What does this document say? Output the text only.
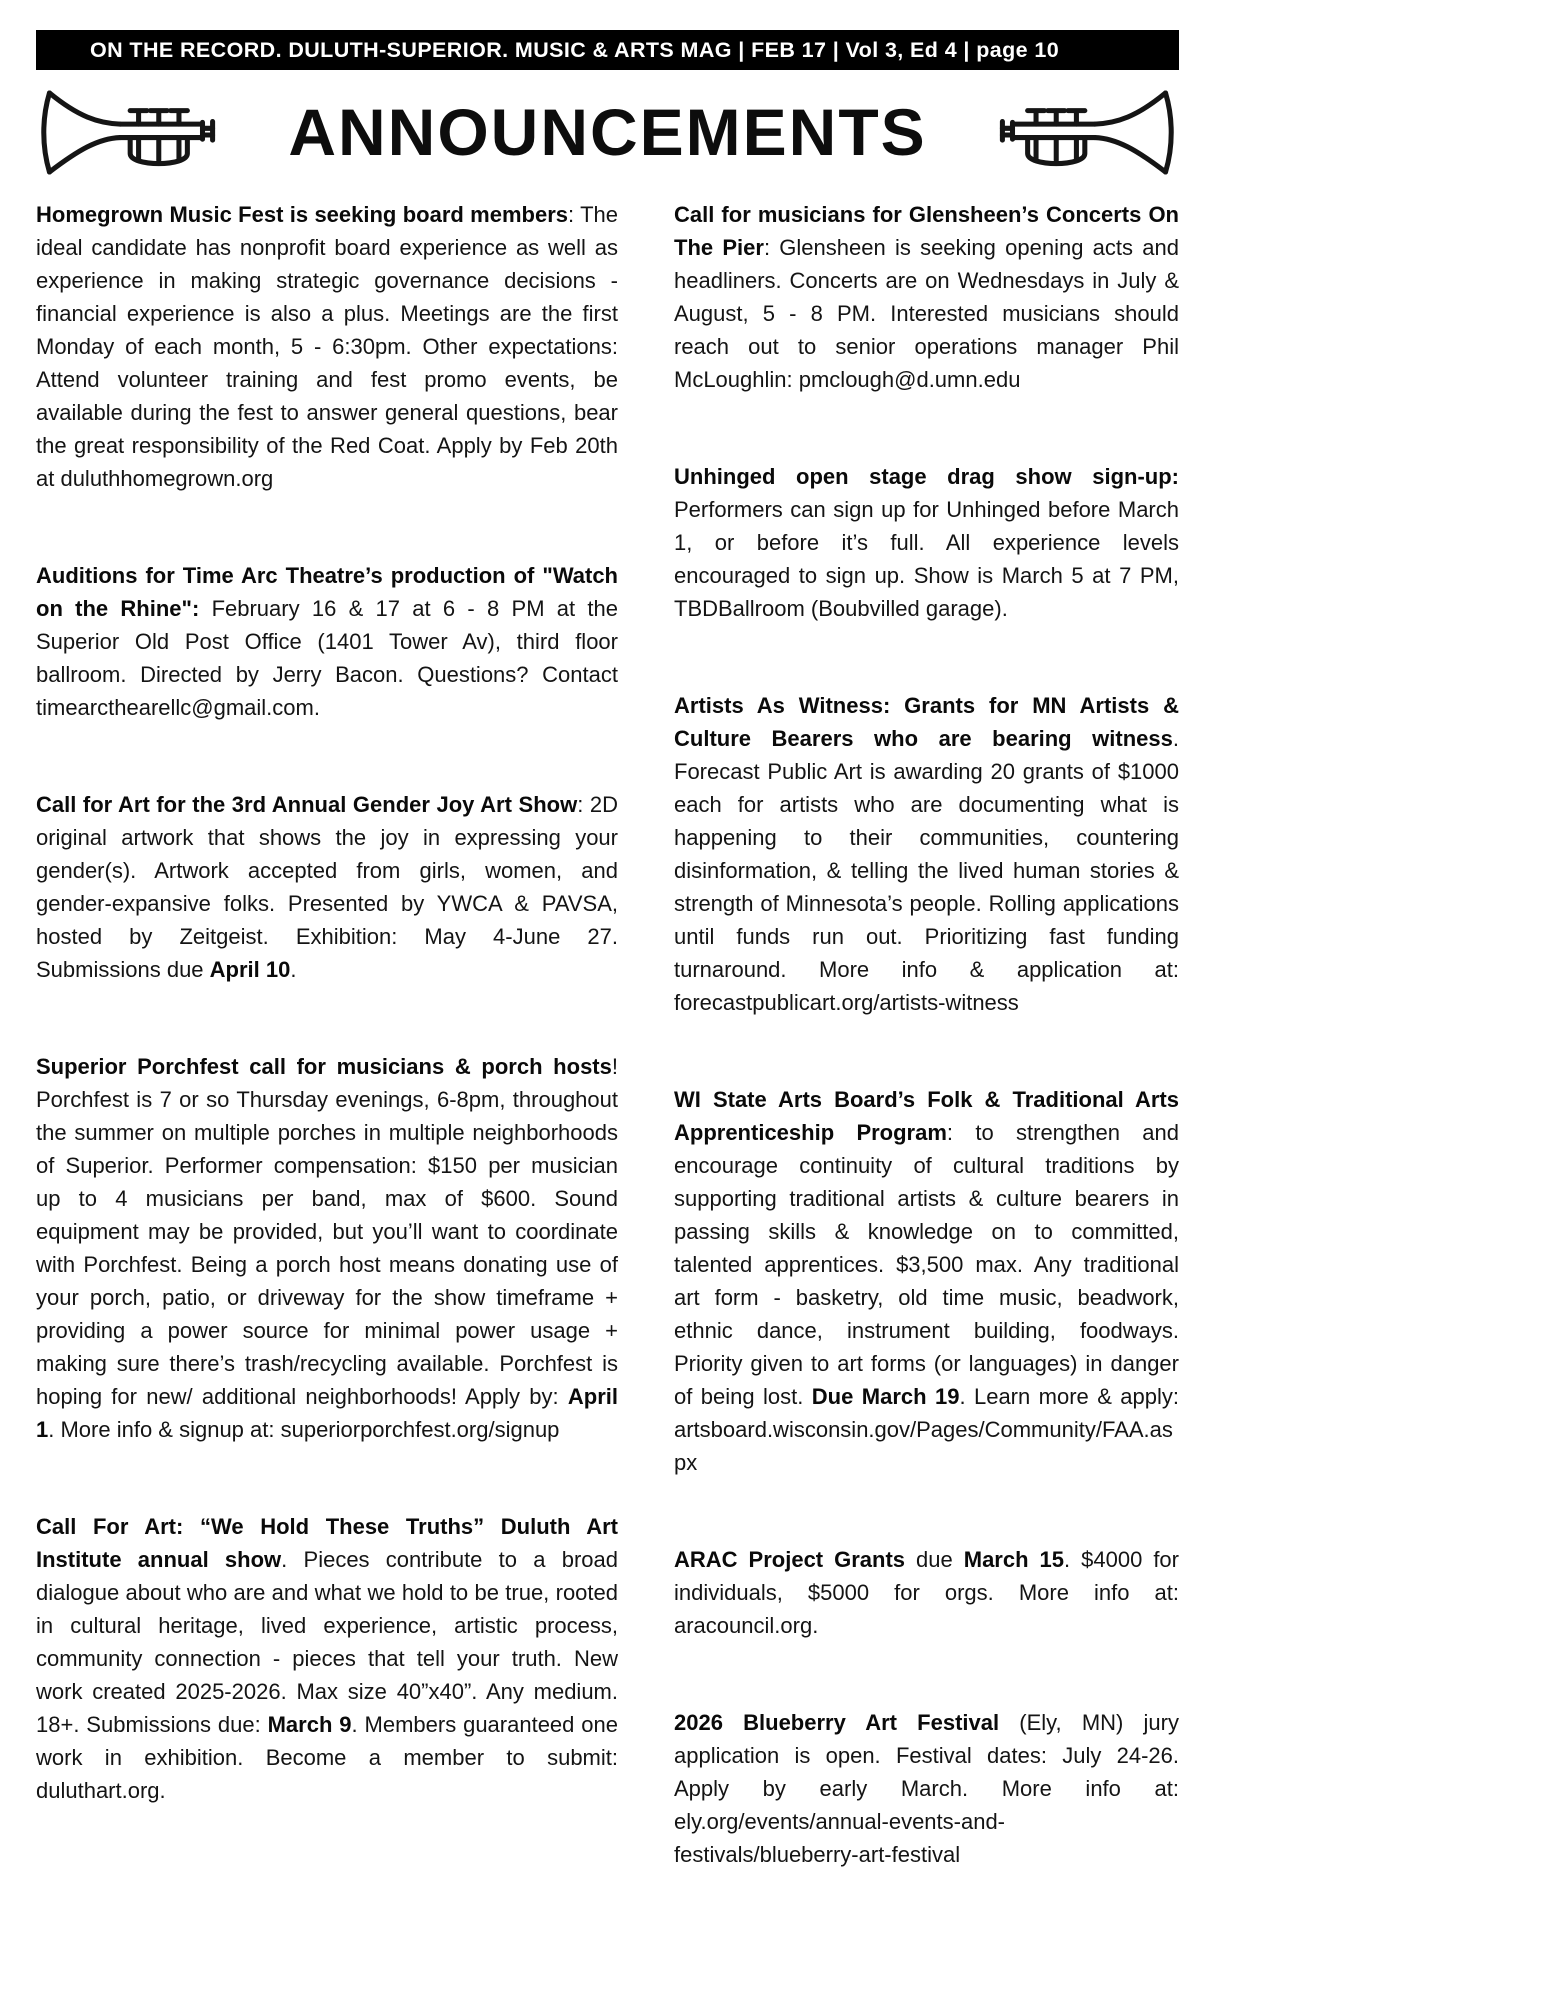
ON THE RECORD. DULUTH-SUPERIOR. MUSIC & ARTS MAG | FEB 17 | Vol 3, Ed 4 | page 10
ANNOUNCEMENTS

Homegrown Music Fest is seeking board members: The ideal candidate has nonprofit board experience as well as experience in making strategic governance decisions - financial experience is also a plus. Meetings are the first Monday of each month, 5 - 6:30pm. Other expectations: Attend volunteer training and fest promo events, be available during the fest to answer general questions, bear the great responsibility of the Red Coat. Apply by Feb 20th at duluthhomegrown.org

Auditions for Time Arc Theatre’s production of "Watch on the Rhine": February 16 & 17 at 6 - 8 PM at the Superior Old Post Office (1401 Tower Av), third floor ballroom. Directed by Jerry Bacon. Questions? Contact timearcthearellc@gmail.com.

Call for Art for the 3rd Annual Gender Joy Art Show: 2D original artwork that shows the joy in expressing your gender(s). Artwork accepted from girls, women, and gender-expansive folks. Presented by YWCA & PAVSA, hosted by Zeitgeist. Exhibition: May 4-June 27. Submissions due April 10.

Superior Porchfest call for musicians & porch hosts! Porchfest is 7 or so Thursday evenings, 6-8pm, throughout the summer on multiple porches in multiple neighborhoods of Superior. Performer compensation: $150 per musician up to 4 musicians per band, max of $600. Sound equipment may be provided, but you’ll want to coordinate with Porchfest. Being a porch host means donating use of your porch, patio, or driveway for the show timeframe + providing a power source for minimal power usage + making sure there’s trash/recycling available. Porchfest is hoping for new/ additional neighborhoods! Apply by: April 1. More info & signup at: superiorporchfest.org/signup

Call For Art: “We Hold These Truths” Duluth Art Institute annual show. Pieces contribute to a broad dialogue about who are and what we hold to be true, rooted in cultural heritage, lived experience, artistic process, community connection - pieces that tell your truth. New work created 2025-2026. Max size 40”x40”. Any medium. 18+. Submissions due: March 9. Members guaranteed one work in exhibition. Become a member to submit: duluthart.org.

Call for musicians for Glensheen’s Concerts On The Pier: Glensheen is seeking opening acts and headliners. Concerts are on Wednesdays in July & August, 5 - 8 PM. Interested musicians should reach out to senior operations manager Phil McLoughlin: pmclough@d.umn.edu

Unhinged open stage drag show sign-up: Performers can sign up for Unhinged before March 1, or before it’s full. All experience levels encouraged to sign up. Show is March 5 at 7 PM, TBDBallroom (Boubvilled garage).

Artists As Witness: Grants for MN Artists & Culture Bearers who are bearing witness. Forecast Public Art is awarding 20 grants of $1000 each for artists who are documenting what is happening to their communities, countering disinformation, & telling the lived human stories & strength of Minnesota’s people. Rolling applications until funds run out. Prioritizing fast funding turnaround. More info & application at: forecastpublicart.org/artists-witness

WI State Arts Board’s Folk & Traditional Arts Apprenticeship Program: to strengthen and encourage continuity of cultural traditions by supporting traditional artists & culture bearers in passing skills & knowledge on to committed, talented apprentices. $3,500 max. Any traditional art form - basketry, old time music, beadwork, ethnic dance, instrument building, foodways. Priority given to art forms (or languages) in danger of being lost. Due March 19. Learn more & apply: artsboard.wisconsin.gov/Pages/Community/FAA.aspx

ARAC Project Grants due March 15. $4000 for individuals, $5000 for orgs. More info at: aracouncil.org.

2026 Blueberry Art Festival (Ely, MN) jury application is open. Festival dates: July 24-26. Apply by early March. More info at: ely.org/events/annual-events-and-festivals/blueberry-art-festival
